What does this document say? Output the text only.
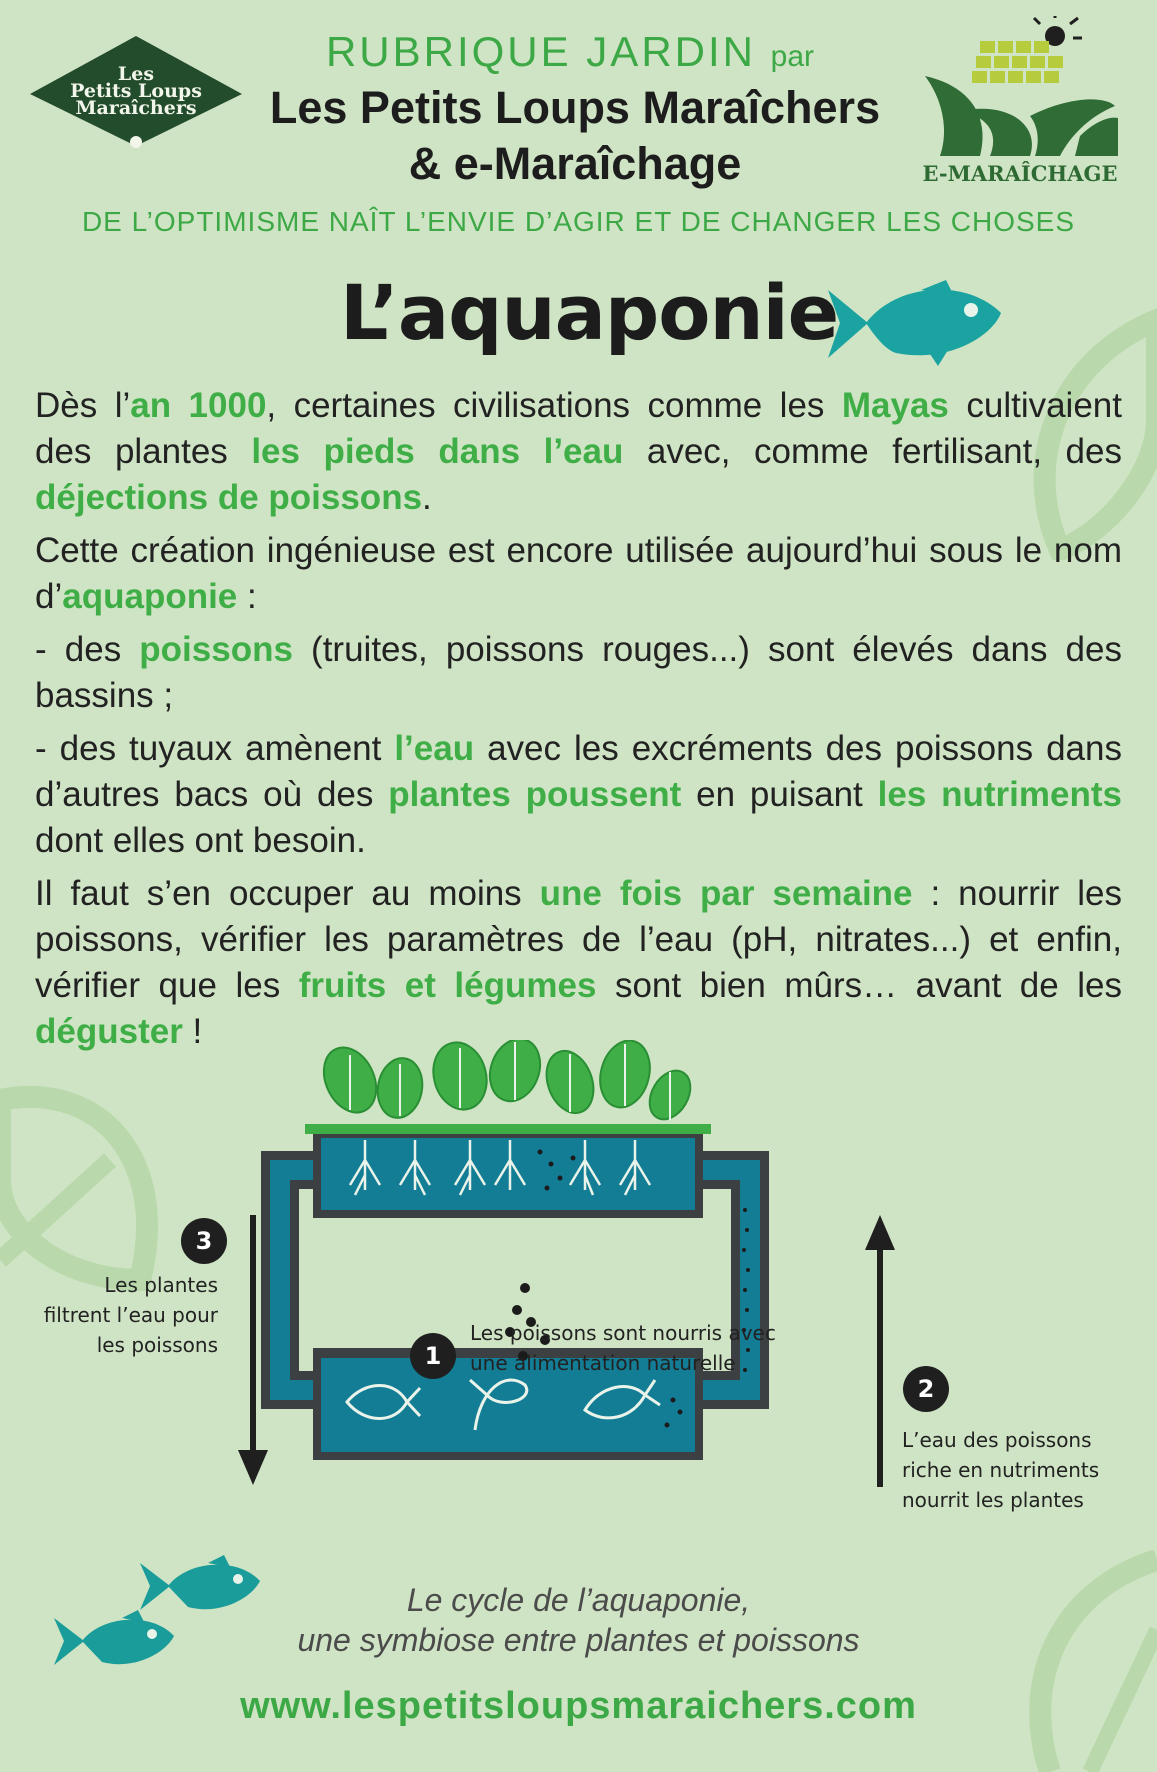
Les
Petits Loups
Maraîchers
RUBRIQUE JARDIN par
Les Petits Loups Maraîchers
& e-Maraîchage	E-MARAÎCHAGE
DE L’OPTIMISME NAÎT L’ENVIE D’AGIR ET DE CHANGER LES CHOSES
L’aquaponie

Dès l’an 1000, certaines civilisations comme les Mayas cultivaient des plantes les pieds dans l’eau avec, comme fertilisant, des déjections de poissons.

Cette création ingénieuse est encore utilisée aujourd’hui sous le nom d’aquaponie :

- des poissons (truites, poissons rouges...) sont élevés dans des bassins ;

- des tuyaux amènent l’eau avec les excréments des poissons dans d’autres bacs où des plantes poussent en puisant les nutriments dont elles ont besoin.

Il faut s’en occuper au moins une fois par semaine : nourrir les poissons, vérifier les paramètres de l’eau (pH, nitrates...) et enfin, vérifier que les fruits et légumes sont bien mûrs… avant de les déguster !

3
Les plantes
filtrent l’eau pour
les poissons	1
Les poissons sont nourris avec
une alimentation naturelle
2
L’eau des poissons
riche en nutriments
nourrit les plantes
Le cycle de l’aquaponie,
une symbiose entre plantes et poissons
www.lespetitsloupsmaraichers.com
